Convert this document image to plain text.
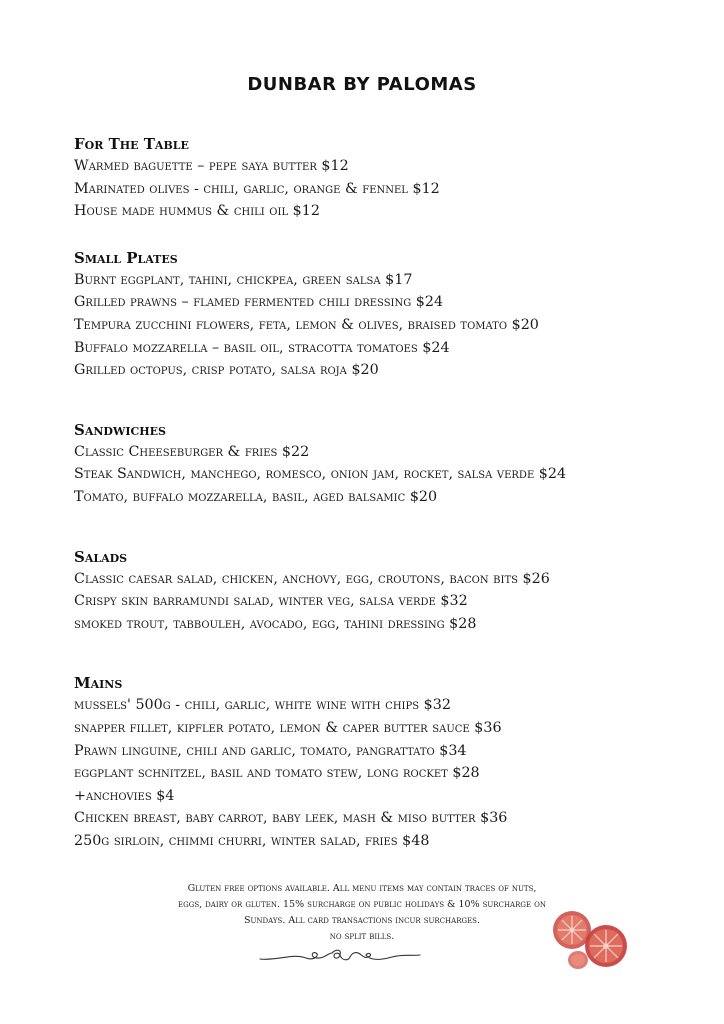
DUNBAR BY PALOMAS
For The Table
Warmed baguette – pepe saya butter $12
Marinated olives - chili, garlic, orange & fennel $12
House made hummus & chili oil $12
Small Plates
Burnt eggplant, tahini, chickpea, green salsa $17
Grilled prawns – flamed fermented chili dressing $24
Tempura zucchini flowers, feta, lemon & olives, braised tomato $20
Buffalo mozzarella – basil oil, stracotta tomatoes $24
Grilled octopus, crisp potato, salsa roja $20
Sandwiches
Classic Cheeseburger & fries $22
Steak Sandwich, manchego, romesco, onion jam, rocket, salsa verde $24
Tomato, buffalo mozzarella, basil, aged balsamic $20
Salads
Classic caesar salad, chicken, anchovy, egg, croutons, bacon bits $26
Crispy skin barramundi salad, winter veg, salsa verde $32
smoked trout, tabbouleh, avocado, egg, tahini dressing $28
Mains
mussels' 500g - chili, garlic, white wine with chips $32
snapper fillet, kipfler potato, lemon & caper butter sauce $36
Prawn linguine, chili and garlic, tomato, pangrattato $34
eggplant schnitzel, basil and tomato stew, long rocket $28
+anchovies $4
Chicken breast, baby carrot, baby leek, mash & miso butter $36
250g sirloin, chimmi churri, winter salad, fries $48
Gluten free options available. All menu items may contain traces of nuts,
eggs, dairy or gluten. 15% surcharge on public holidays & 10% surcharge on
Sundays. All card transactions incur surcharges.
no split bills.
